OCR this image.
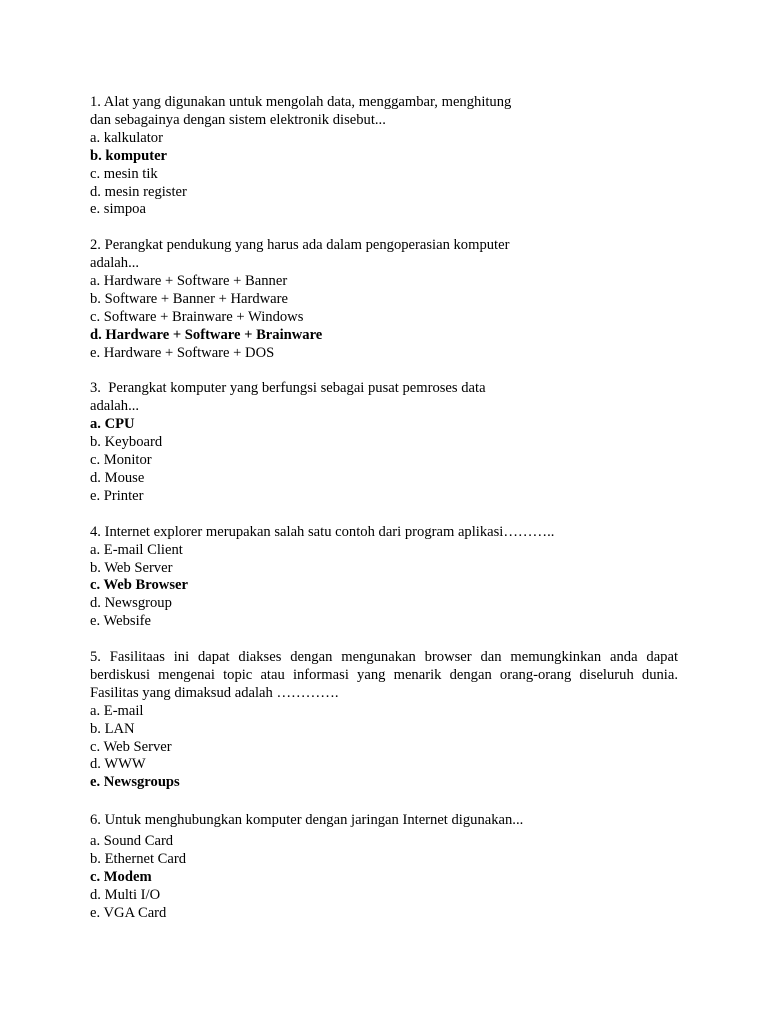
1. Alat yang digunakan untuk mengolah data, menggambar, menghitung
dan sebagainya dengan sistem elektronik disebut...

a. kalkulator
b. komputer
c. mesin tik
d. mesin register
e. simpoa

2. Perangkat pendukung yang harus ada dalam pengoperasian komputer
adalah...

a. Hardware + Software + Banner
b. Software + Banner + Hardware
c. Software + Brainware + Windows
d. Hardware + Software + Brainware
e. Hardware + Software + DOS

3.  Perangkat komputer yang berfungsi sebagai pusat pemroses data
adalah...

a. CPU
b. Keyboard
c. Monitor
d. Mouse
e. Printer

4. Internet explorer merupakan salah satu contoh dari program aplikasi………..

a. E-mail Client
b. Web Server
c. Web Browser
d. Newsgroup
e. Websife

5. Fasilitaas ini dapat diakses dengan mengunakan browser dan memungkinkan anda dapat berdiskusi mengenai topic atau informasi yang menarik dengan orang-orang diseluruh dunia. Fasilitas yang dimaksud adalah ………….

a. E-mail
b. LAN
c. Web Server
d. WWW
e. Newsgroups

6. Untuk menghubungkan komputer dengan jaringan Internet digunakan...

a. Sound Card
b. Ethernet Card
c. Modem
d. Multi I/O
e. VGA Card
